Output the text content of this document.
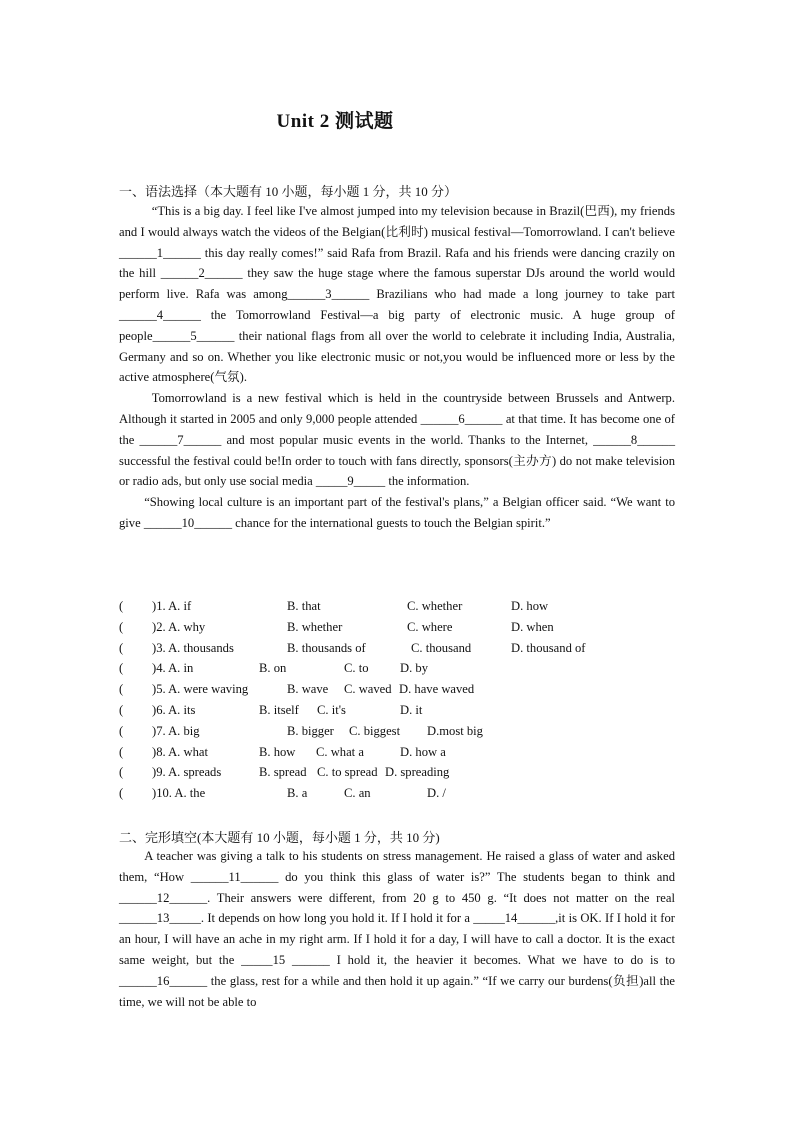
Unit 2 测试题
一、语法选择（本大题有 10 小题，每小题 1 分，共 10 分）

“This is a big day. I feel like I've almost jumped into my television because in Brazil(巴西), my friends and I would always watch the videos of the Belgian(比利时) musical festival—Tomorrowland. I can't believe ______1______ this day really comes!” said Rafa from Brazil. Rafa and his friends were dancing crazily on the hill ______2______ they saw the huge stage where the famous superstar DJs around the world would perform live. Rafa was among______3______ Brazilians who had made a long journey to take part ______4______ the Tomorrowland Festival—a big party of electronic music. A huge group of people______5______ their national flags from all over the world to celebrate it including India, Australia, Germany and so on. Whether you like electronic music or not,you would be influenced more or less by the active atmosphere(气氛).

Tomorrowland is a new festival which is held in the countryside between Brussels and Antwerp. Although it started in 2005 and only 9,000 people attended ______6______ at that time. It has become one of the ______7______ and most popular music events in the world. Thanks to the Internet, ______8______ successful the festival could be!In order to touch with fans directly, sponsors(主办方) do not make television or radio ads, but only use social media _____9_____ the information.

“Showing local culture is an important part of the festival's plans,” a Belgian officer said. “We want to give ______10______ chance for the international guests to touch the Belgian spirit.”

( )1. A. if	B. that	C. whether	D. how
( )2. A. why	B. whether	C. where	D. when
( )3. A. thousands	B. thousands of	C. thousand	D. thousand of
( )4. A. in	B. on	C. to	D. by
( )5. A. were waving	B. wave C. waved D. have waved
( )6. A. its	B. itself C. it's	D. it
( )7. A. big	B. bigger C. biggest D.most big
( )8. A. what	B. how C. what a	D. how a
( )9. A. spreads	B. spread C. to spread D. spreading
( )10. A. the	B. a	C. an	D. /
二、完形填空(本大题有 10 小题，每小题 1 分，共 10 分)

A teacher was giving a talk to his students on stress management. He raised a glass of water and asked them, “How ______11______ do you think this glass of water is?” The students began to think and ______12______. Their answers were different, from 20 g to 450 g. “It does not matter on the real ______13_____. It depends on how long you hold it. If I hold it for a _____14______,it is OK. If I hold it for an hour, I will have an ache in my right arm. If I hold it for a day, I will have to call a doctor. It is the exact same weight, but the _____15 ______ I hold it, the heavier it becomes. What we have to do is to ______16______ the glass, rest for a while and then hold it up again.” “If we carry our burdens(负担)all the time, we will not be able to
